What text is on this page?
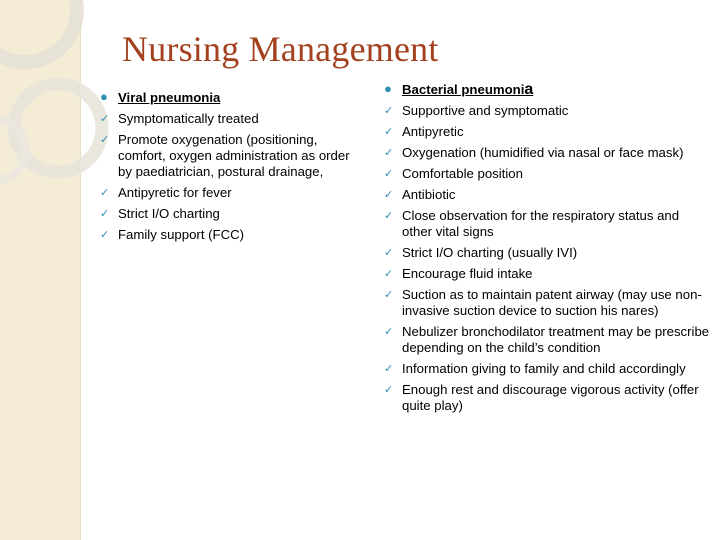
Nursing Management
● Viral pneumonia
✓ Symptomatically treated
✓ Promote oxygenation (positioning, comfort, oxygen administration as order by paediatrician, postural drainage,
✓ Antipyretic for fever
✓ Strict I/O charting
✓ Family support (FCC)
● Bacterial pneumonia
✓ Supportive and symptomatic
✓ Antipyretic
✓ Oxygenation (humidified via nasal or face mask)
✓ Comfortable position
✓ Antibiotic
✓ Close observation for the respiratory status and other vital signs
✓ Strict I/O charting (usually IVI)
✓ Encourage fluid intake
✓ Suction as to maintain patent airway (may use non-invasive suction device to suction his nares)
✓ Nebulizer bronchodilator treatment may be prescribe depending on the child’s condition
✓ Information giving to family and child accordingly
✓ Enough rest and discourage vigorous activity (offer quite play)
